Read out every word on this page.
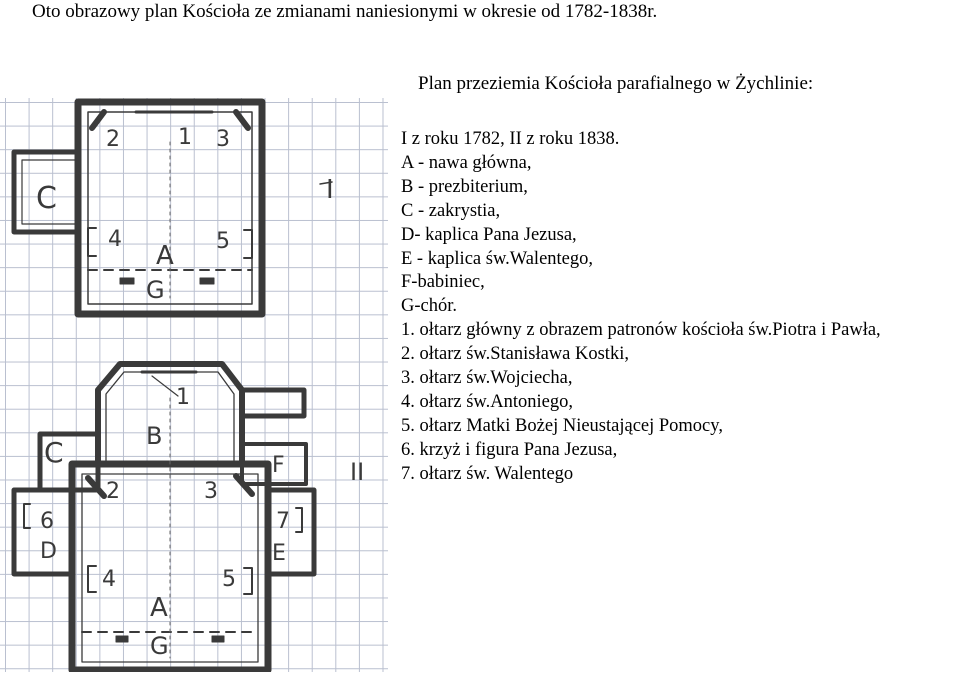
Oto obrazowy plan Kościoła ze zmianami naniesionymi w okresie od 1782-1838r.
Plan przeziemia Kościoła parafialnego w Żychlinie:
I z roku 1782, II z roku 1838.
A - nawa główna,
B - prezbiterium,
C - zakrystia,
D- kaplica Pana Jezusa,
E - kaplica św.Walentego,
F-babiniec,
G-chór.
1. ołtarz główny z obrazem patronów kościoła św.Piotra i Pawła,
2. ołtarz św.Stanisława Kostki,
3. ołtarz św.Wojciecha,
4. ołtarz św.Antoniego,
5. ołtarz Matki Bożej Nieustającej Pomocy,
6. krzyż i figura Pana Jezusa,
7. ołtarz św. Walentego
I
C
A
G
1
2	3
4	5
II
1
B
C	F
2	3
6
D
7
E
4	5
A
G
